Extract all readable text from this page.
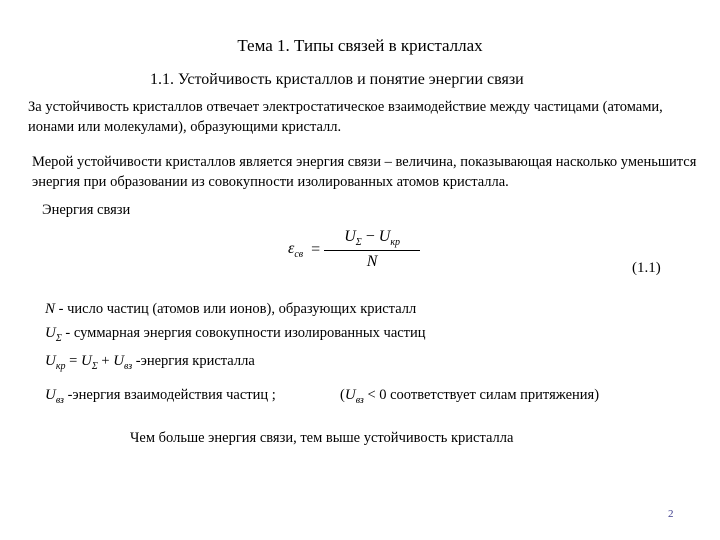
Тема 1. Типы связей в кристаллах
1.1. Устойчивость кристаллов и понятие энергии связи
За устойчивость кристаллов отвечает электростатическое взаимодействие между частицами (атомами, ионами или молекулами), образующими кристалл.
Мерой устойчивости кристаллов является энергия связи – величина, показывающая насколько уменьшится энергия при образовании из совокупности изолированных атомов кристалла.
Энергия связи
$\varepsilon_{св} = \frac{U_\Sigma - U_{кр}}{N}$	(1.1)
N - число частиц (атомов или ионов), образующих кристалл
$U_\Sigma$ - суммарная энергия совокупности изолированных частиц
$U_{кр} = U_\Sigma + U_{вз}$ -энергия кристалла
$U_{вз}$ -энергия взаимодействия частиц ;	($U_{вз} < 0$ соответствует силам притяжения)
Чем больше энергия связи, тем выше устойчивость кристалла
2
